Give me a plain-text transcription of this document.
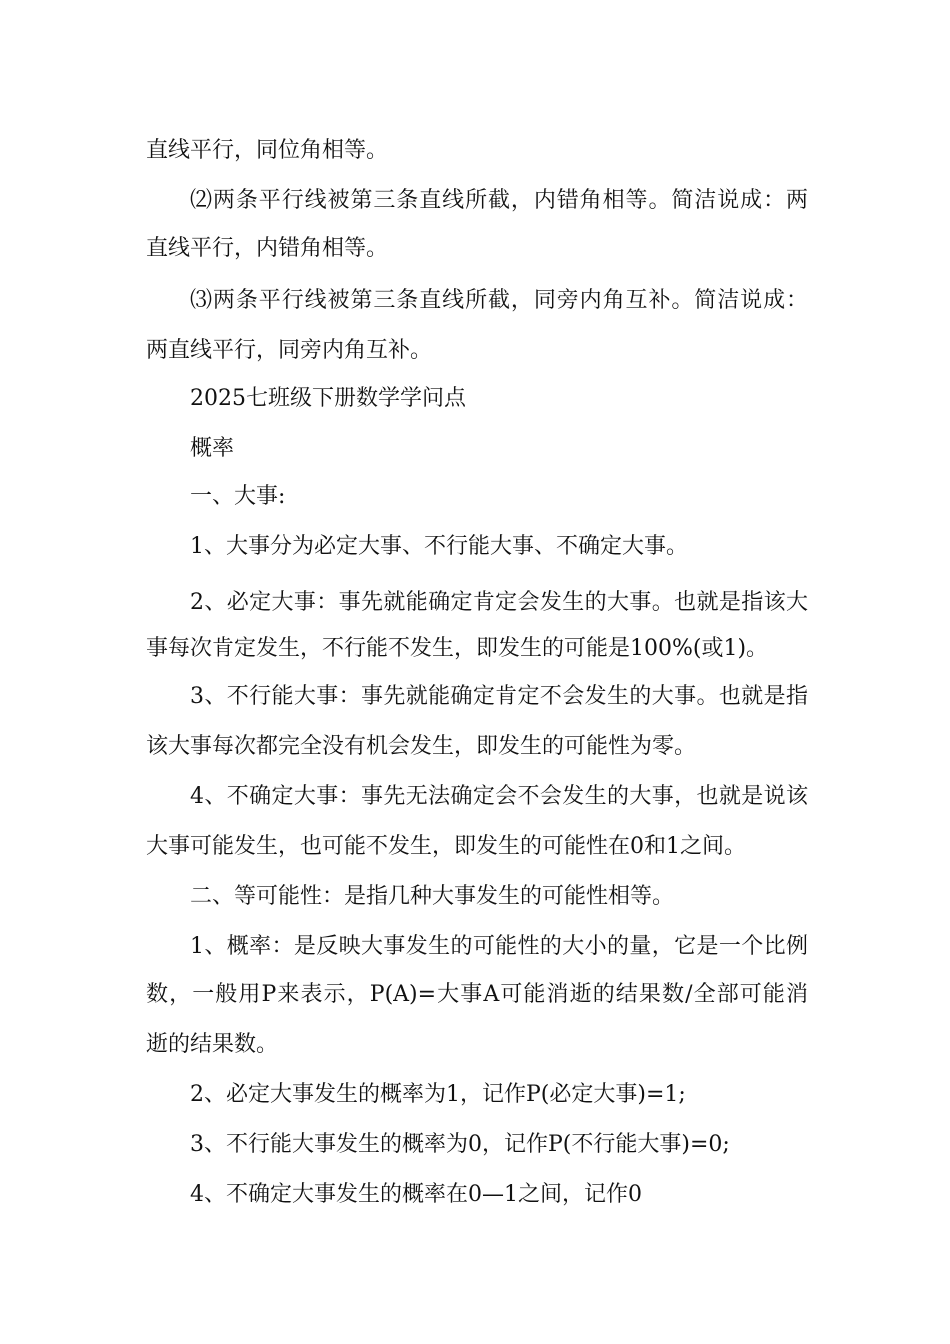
直线平行，同位角相等。
⑵两条平行线被第三条直线所截，内错角相等。简洁说成：两
直线平行，内错角相等。
⑶两条平行线被第三条直线所截，同旁内角互补。简洁说成：
两直线平行，同旁内角互补。
2025七班级下册数学学问点
概率
一、大事:
1、大事分为必定大事、不行能大事、不确定大事。
2、必定大事：事先就能确定肯定会发生的大事。也就是指该大
事每次肯定发生，不行能不发生，即发生的可能是100%(或1)。
3、不行能大事：事先就能确定肯定不会发生的大事。也就是指
该大事每次都完全没有机会发生，即发生的可能性为零。
4、不确定大事：事先无法确定会不会发生的大事，也就是说该
大事可能发生，也可能不发生，即发生的可能性在0和1之间。
二、等可能性：是指几种大事发生的可能性相等。
1、概率：是反映大事发生的可能性的大小的量，它是一个比例
数，一般用P来表示，P(A)=大事A可能消逝的结果数/全部可能消
逝的结果数。
2、必定大事发生的概率为1，记作P(必定大事)=1;
3、不行能大事发生的概率为0，记作P(不行能大事)=0;
4、不确定大事发生的概率在0—1之间，记作0
